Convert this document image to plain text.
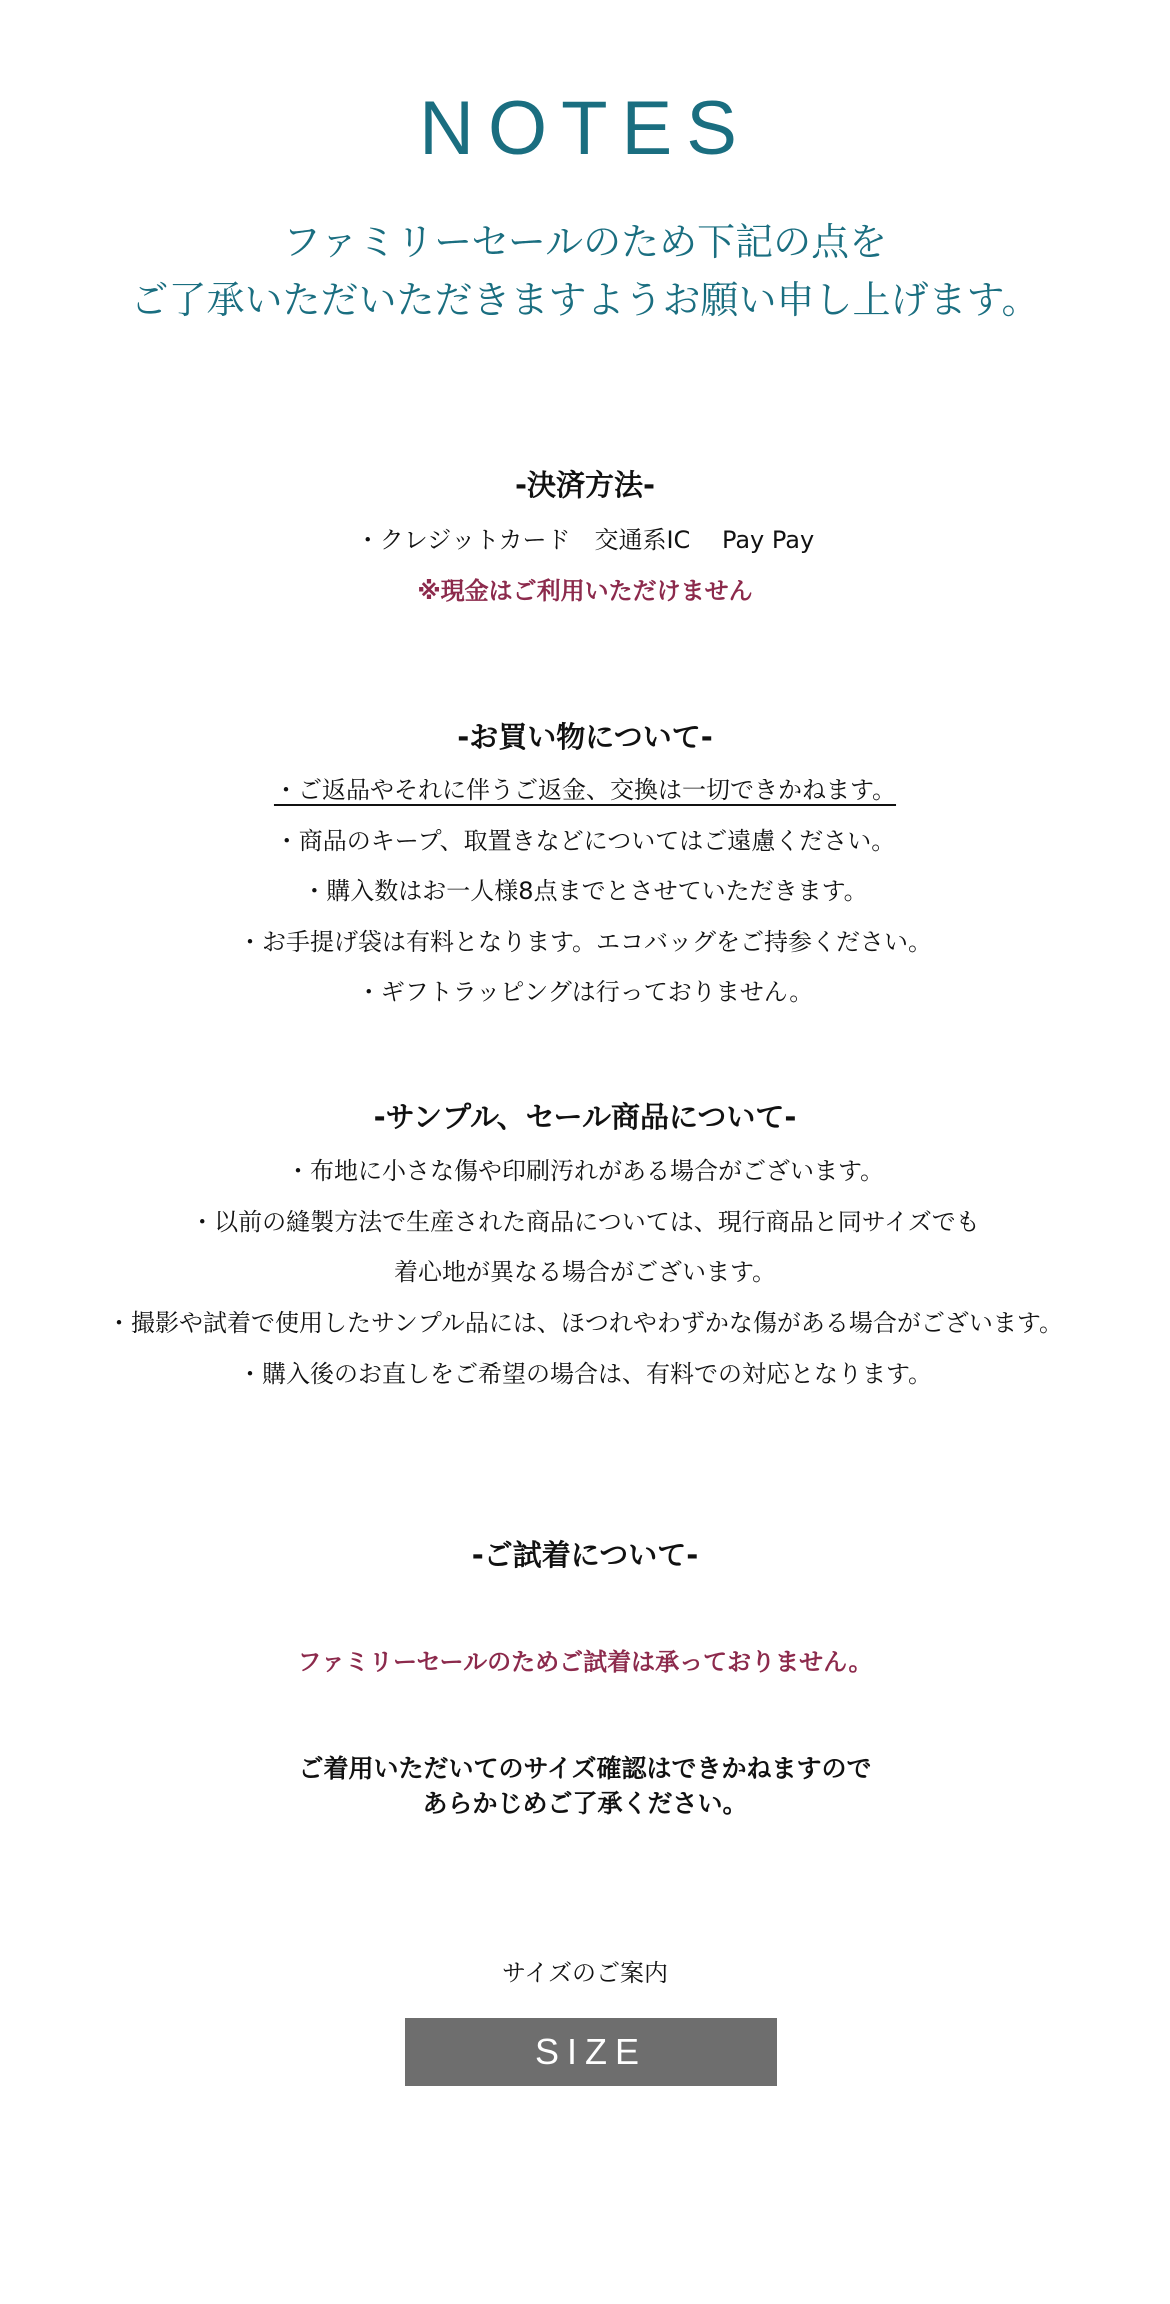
NOTES
ファミリーセールのため下記の点を
ご了承いただいただきますようお願い申し上げます。
-決済方法-
・クレジットカード　交通系IC　 Pay Pay
※現金はご利用いただけません
-お買い物について-
・ご返品やそれに伴うご返金、交換は一切できかねます。
・商品のキープ、取置きなどについてはご遠慮ください。
・購入数はお一人様8点までとさせていただきます。
・お手提げ袋は有料となります。エコバッグをご持参ください。
・ギフトラッピングは行っておりません。
-サンプル、セール商品について-
・布地に小さな傷や印刷汚れがある場合がございます。
・以前の縫製方法で生産された商品については、現行商品と同サイズでも
着心地が異なる場合がございます。
・撮影や試着で使用したサンプル品には、ほつれやわずかな傷がある場合がございます。
・購入後のお直しをご希望の場合は、有料での対応となります。
-ご試着について-
ファミリーセールのためご試着は承っておりません。
ご着用いただいてのサイズ確認はできかねますので
あらかじめご了承ください。
サイズのご案内
SIZE
